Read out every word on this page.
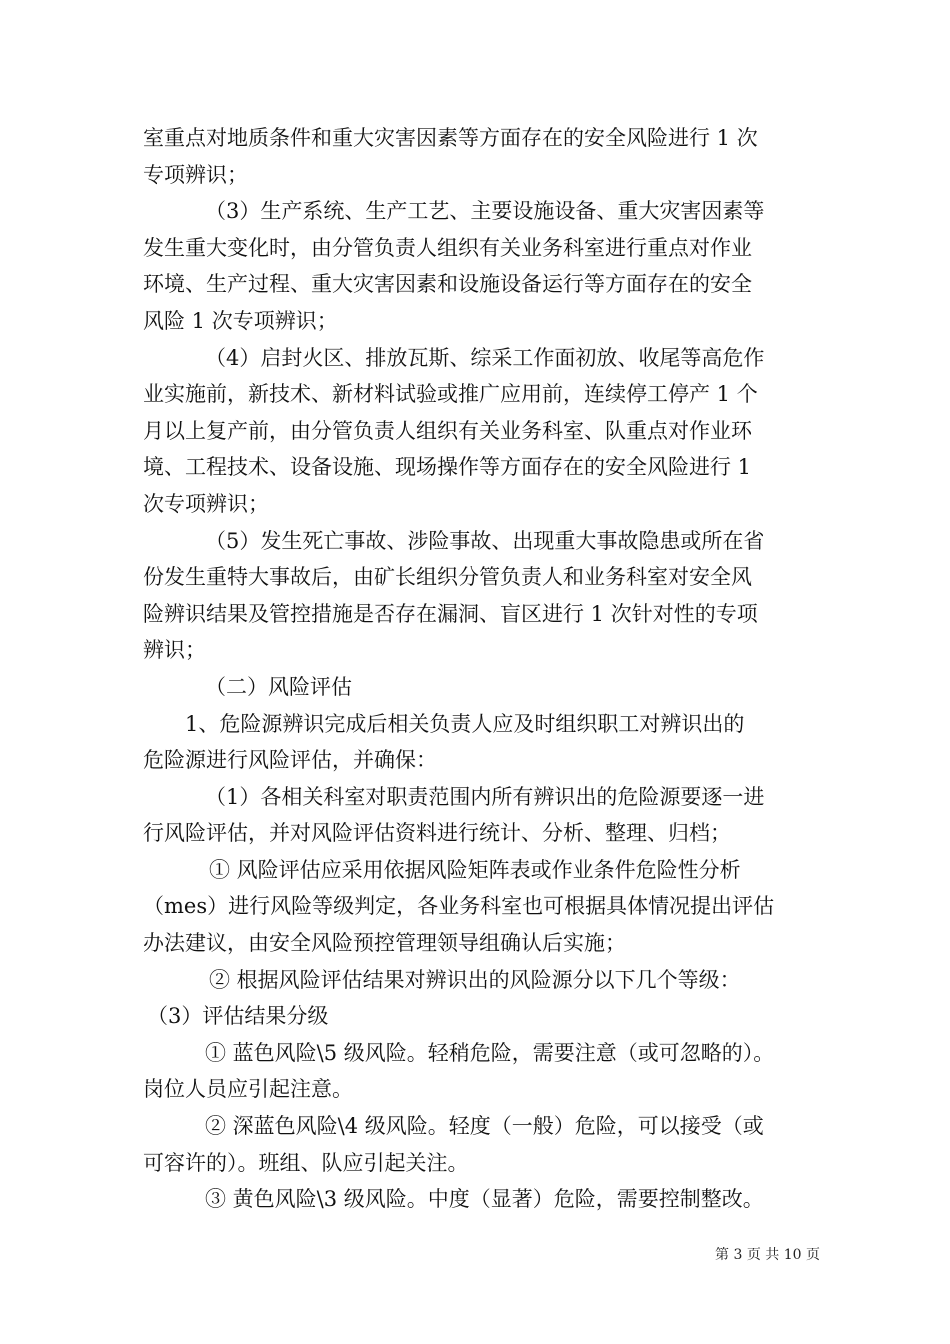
室重点对地质条件和重大灾害因素等方面存在的安全风险进行 1 次
专项辨识；
（3）生产系统、生产工艺、主要设施设备、重大灾害因素等
发生重大变化时，由分管负责人组织有关业务科室进行重点对作业
环境、生产过程、重大灾害因素和设施设备运行等方面存在的安全
风险 1 次专项辨识；
（4）启封火区、排放瓦斯、综采工作面初放、收尾等高危作
业实施前，新技术、新材料试验或推广应用前，连续停工停产 1 个
月以上复产前，由分管负责人组织有关业务科室、队重点对作业环
境、工程技术、设备设施、现场操作等方面存在的安全风险进行 1
次专项辨识；
（5）发生死亡事故、涉险事故、出现重大事故隐患或所在省
份发生重特大事故后，由矿长组织分管负责人和业务科室对安全风
险辨识结果及管控措施是否存在漏洞、盲区进行 1 次针对性的专项
辨识；
（二）风险评估
1、危险源辨识完成后相关负责人应及时组织职工对辨识出的
危险源进行风险评估，并确保：
（1）各相关科室对职责范围内所有辨识出的危险源要逐一进
行风险评估，并对风险评估资料进行统计、分析、整理、归档；
① 风险评估应采用依据风险矩阵表或作业条件危险性分析
（mes）进行风险等级判定，各业务科室也可根据具体情况提出评估
办法建议，由安全风险预控管理领导组确认后实施；
② 根据风险评估结果对辨识出的风险源分以下几个等级：
（3）评估结果分级
① 蓝色风险\5 级风险。轻稍危险，需要注意（或可忽略的）。
岗位人员应引起注意。
② 深蓝色风险\4 级风险。轻度（一般）危险，可以接受（或
可容许的）。班组、队应引起关注。
③ 黄色风险\3 级风险。中度（显著）危险，需要控制整改。
第 3 页 共 10 页
